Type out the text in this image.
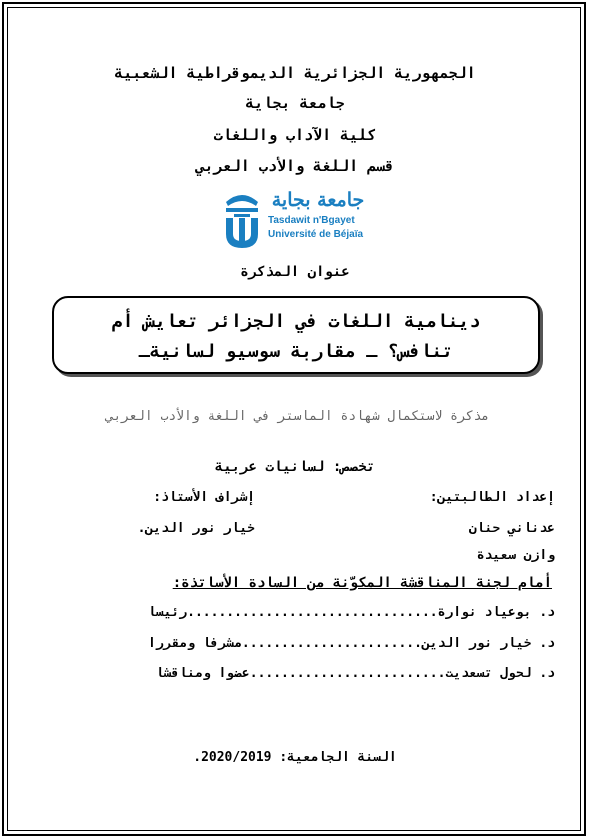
الجمهورية الجزائرية الديموقراطية الشعبية
جامعة بجاية
كلية الآداب واللغات
قسم اللغة والأدب العربي
جامعة بجاية
Tasdawit n'Bgayet
Université de Béjaïa
عنوان المذكرة
دينامية اللغات في الجزائر تعايش أم
تنافس؟ ـ مقاربة سوسيو لسانيةـ
مذكرة لاستكمال شهادة الماستر في اللغة والأدب العربي
تخصص: لسانيات عربية
إعداد الطالبتين:
إشراف الأستاذ:
عدناني حنان
خيار نور الدين.
وازن سعيدة
أمام لجنة المناقشة المكوّنة من السادة الأساتذة:
د. بوعياد نوارة................................رئيسا
د. خيار نور الدين.......................مشرفا ومقررا
د. لحول تسعديت.........................عضوا ومناقشا
السنة الجامعية: 2020/2019.
